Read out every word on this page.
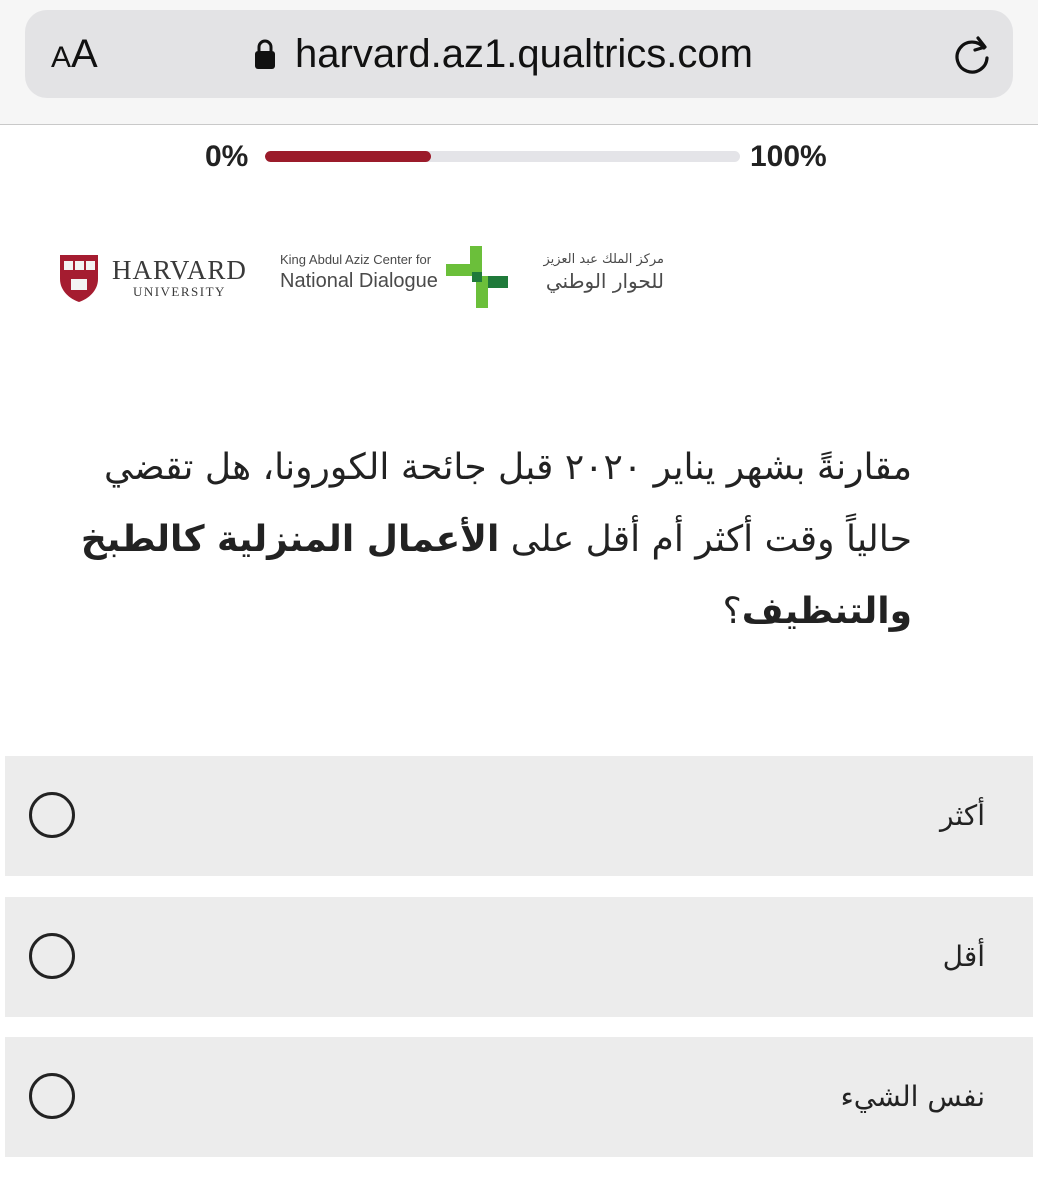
AA	harvard.az1.qualtrics.com
0%	100%
HARVARD
UNIVERSITY
King Abdul Aziz Center for
National Dialogue
مركز الملك عبد العزيز
للحوار الوطني
مقارنةً بشهر يناير ٢٠٢٠ قبل جائحة الكورونا، هل تقضي حالياً وقت أكثر أم أقل على الأعمال المنزلية كالطبخ والتنظيف؟
أكثر
أقل
نفس الشيء
